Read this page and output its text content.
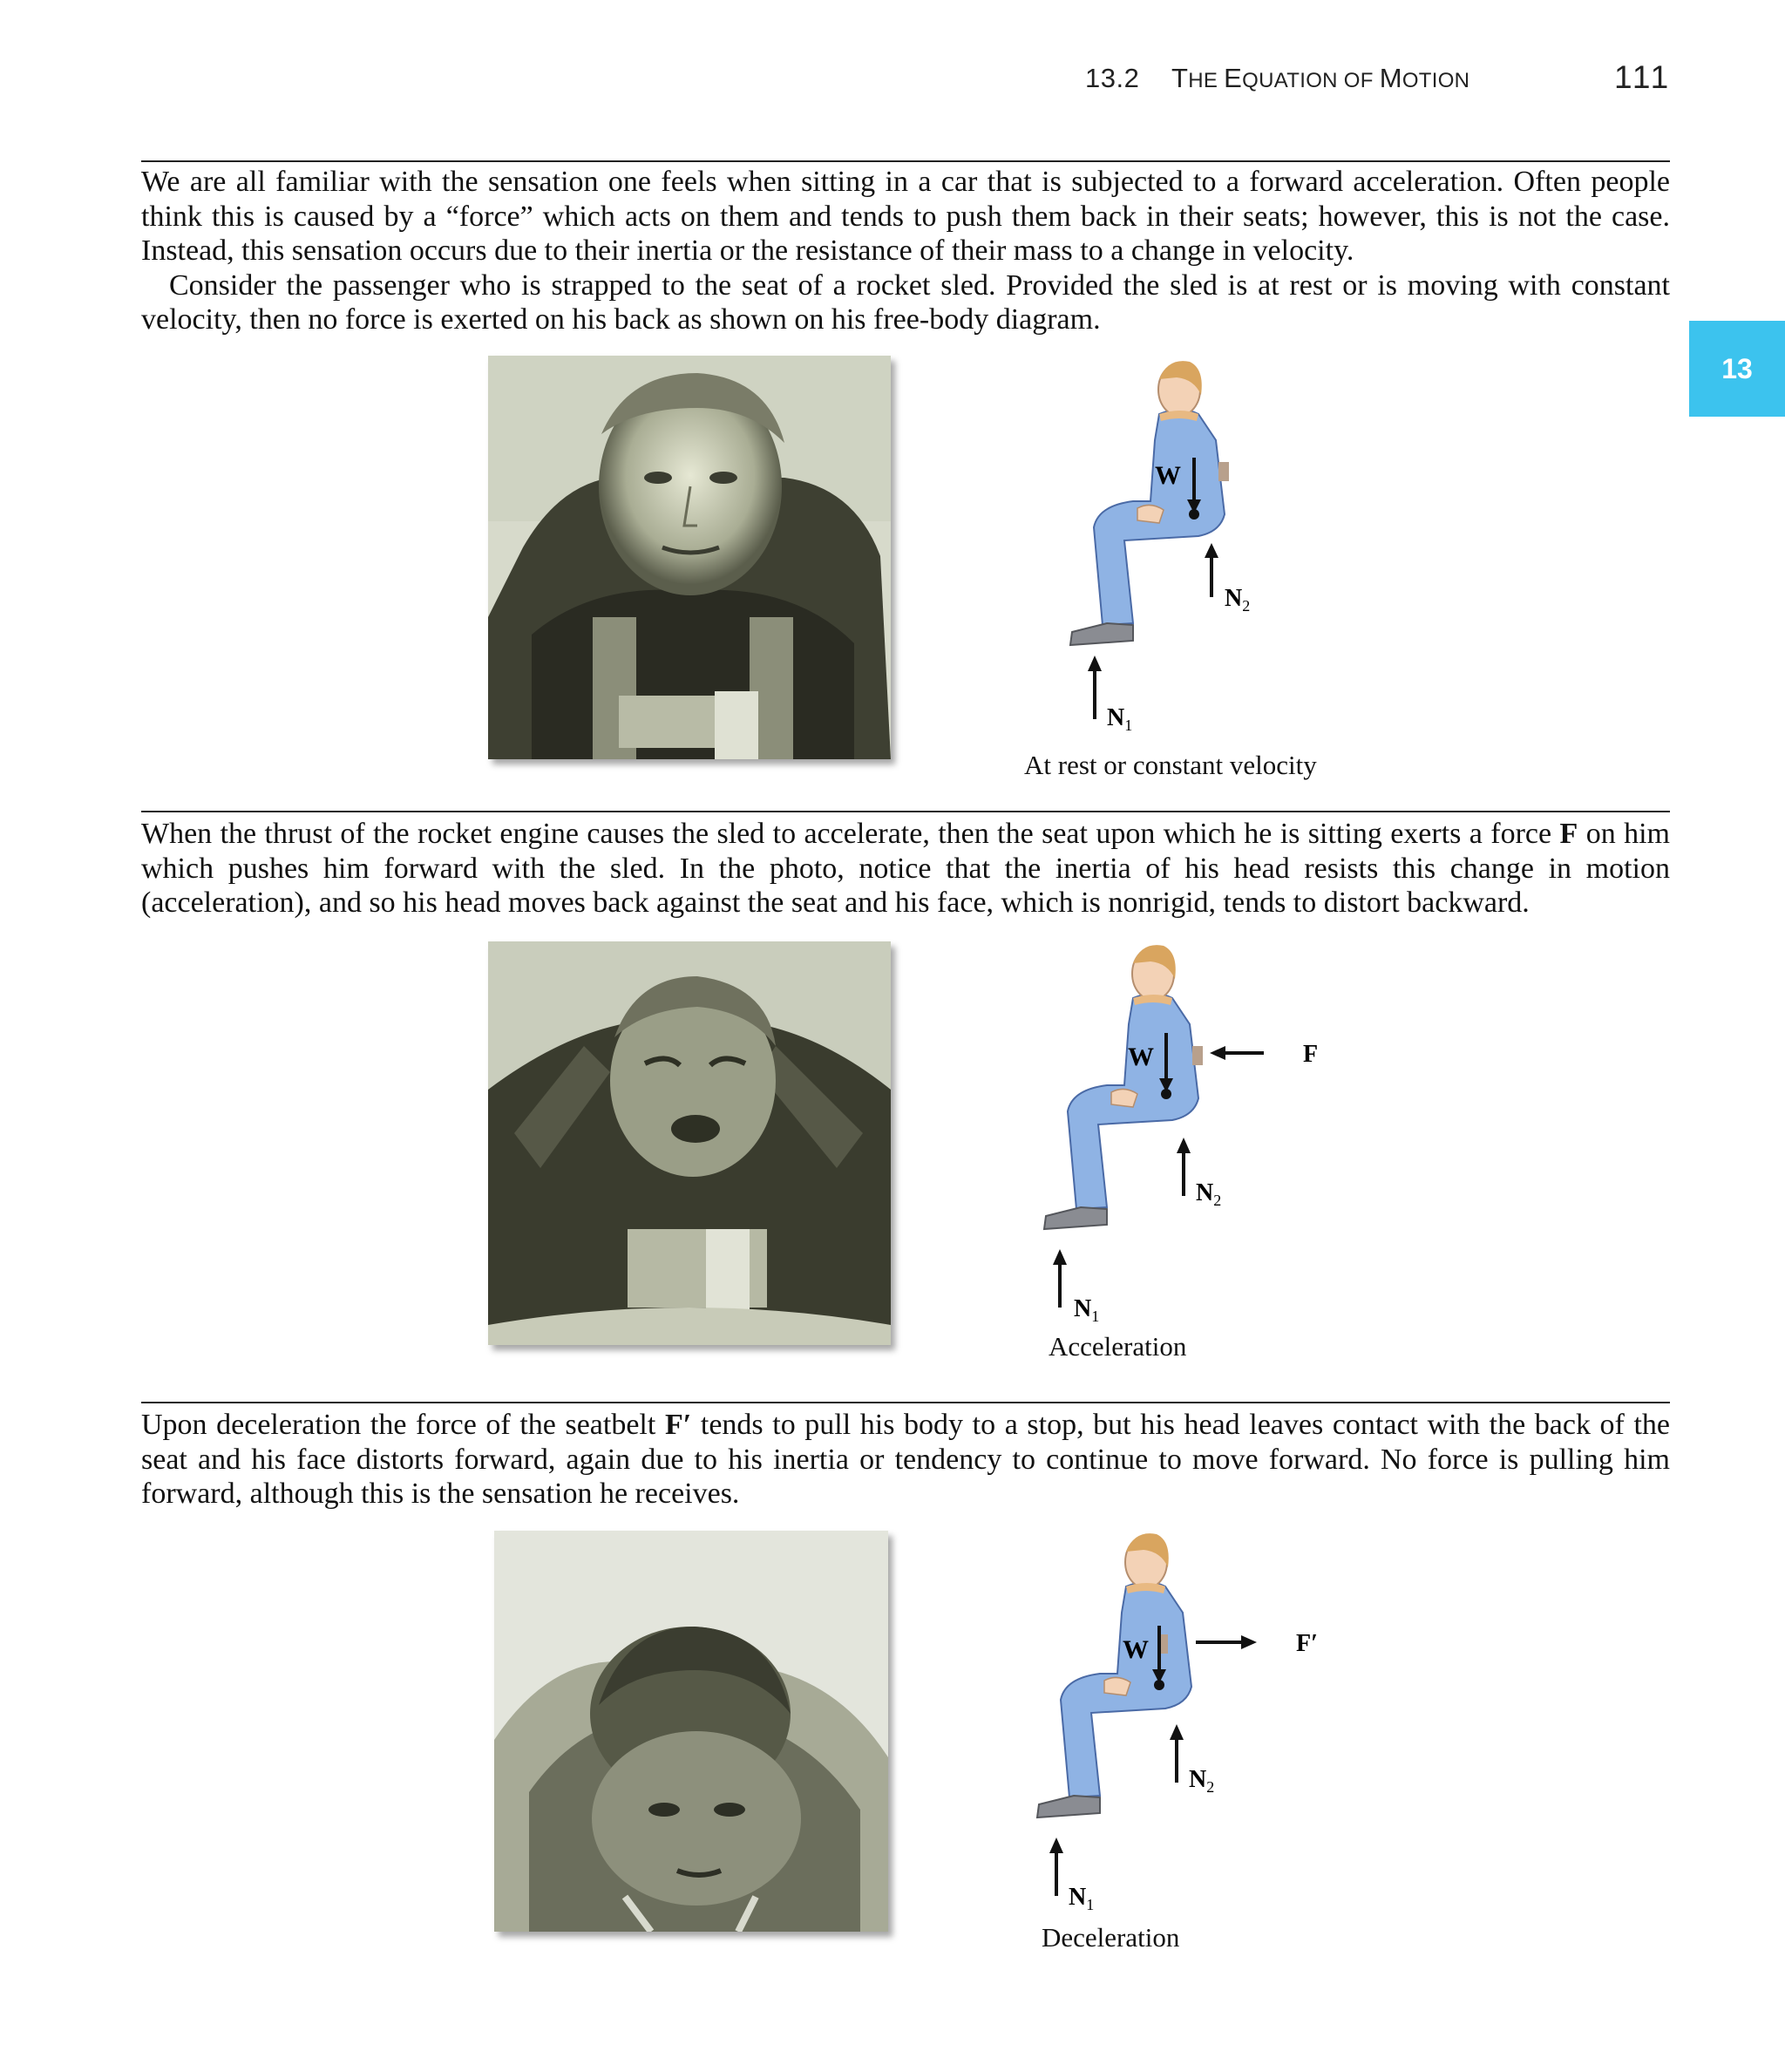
13.2 THE EQUATION OF MOTION	111
13
We are all familiar with the sensation one feels when sitting in a car that is subjected to a forward acceleration. Often people think this is caused by a “force” which acts on them and tends to push them back in their seats; however, this is not the case. Instead, this sensation occurs due to their inertia or the resistance of their mass to a change in velocity.
Consider the passenger who is strapped to the seat of a rocket sled. Provided the sled is at rest or is moving with constant velocity, then no force is exerted on his back as shown on his free-body diagram.
W
$N_2$
$N_1$
At rest or constant velocity

When the thrust of the rocket engine causes the sled to accelerate, then the seat upon which he is sitting exerts a force F on him which pushes him forward with the sled. In the photo, notice that the inertia of his head resists this change in motion (acceleration), and so his head moves back against the seat and his face, which is nonrigid, tends to distort backward.

W	F
$N_2$
$N_1$
Acceleration

Upon deceleration the force of the seatbelt F′ tends to pull his body to a stop, but his head leaves contact with the back of the seat and his face distorts forward, again due to his inertia or tendency to continue to move forward. No force is pulling him forward, although this is the sensation he receives.

W	F′
$N_2$
$N_1$
Deceleration
